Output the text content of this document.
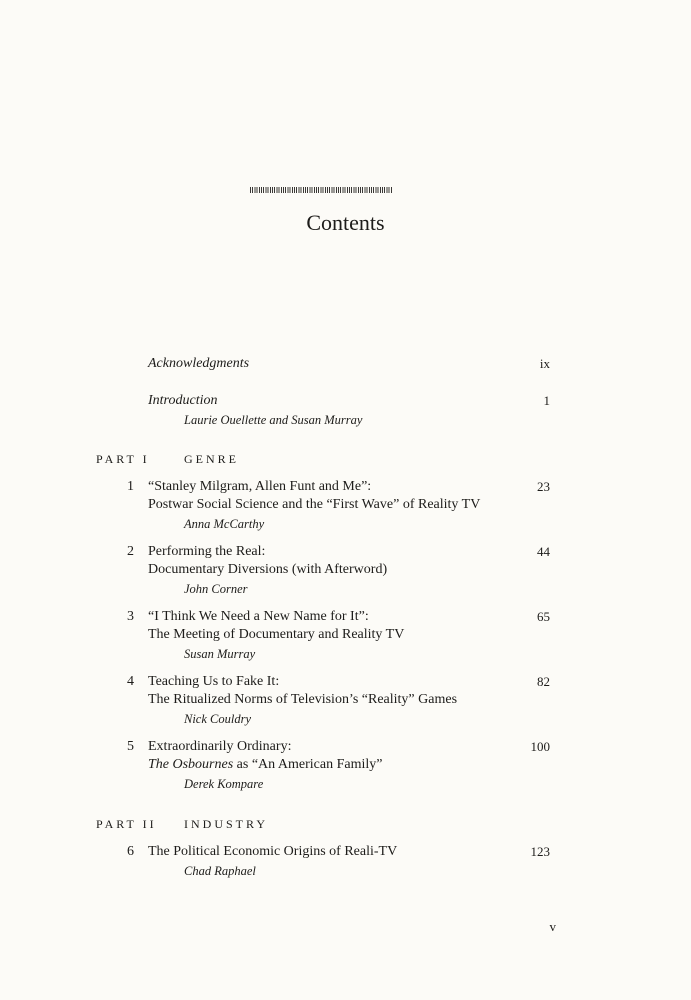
Contents
Acknowledgments	ix
Introduction
Laurie Ouellette and Susan Murray
1
PART I	GENRE
1 “Stanley Milgram, Allen Funt and Me”:
Postwar Social Science and the “First Wave” of Reality TV
Anna McCarthy
23
2 Performing the Real:
Documentary Diversions (with Afterword)
John Corner
44
3 “I Think We Need a New Name for It”:
The Meeting of Documentary and Reality TV
Susan Murray
65
4 Teaching Us to Fake It:
The Ritualized Norms of Television’s “Reality” Games
Nick Couldry
82
5 Extraordinarily Ordinary:
The Osbournes as “An American Family”
Derek Kompare
100
PART II INDUSTRY
6 The Political Economic Origins of Reali-TV
Chad Raphael
123
v
